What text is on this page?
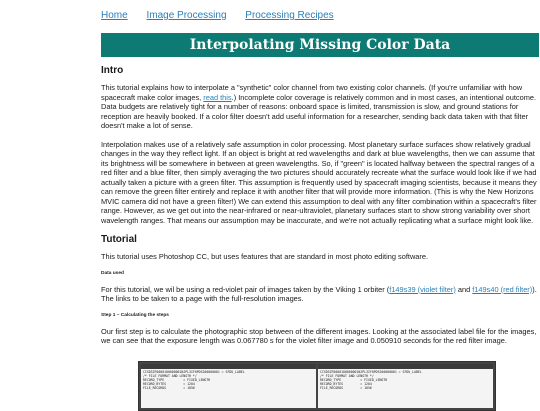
Home Image Processing Processing Recipes
Interpolating Missing Color Data
Intro

This tutorial explains how to interpolate a "synthetic" color channel from two existing color channels. (If you're unfamiliar with how spacecraft make color images, read this.) Incomplete color coverage is relatively common and in most cases, an intentional outcome. Data budgets are relatively tight for a number of reasons: onboard space is limited, transmission is slow, and ground stations for reception are heavily booked. If a color filter doesn't add useful information for a researcher, sending back data taken with that filter doesn't make a lot of sense.

Interpolation makes use of a relatively safe assumption in color processing. Most planetary surface surfaces show relatively gradual changes in the way they reflect light. If an object is bright at red wavelengths and dark at blue wavelengths, then we can assume that its brightness will be somewhere in between at green wavelengths. So, if "green" is located halfway between the spectral ranges of a red filter and a blue filter, then simply averaging the two pictures should accurately recreate what the surface would look like if we had actually taken a picture with a green filter. This assumption is frequently used by spacecraft imaging scientists, because it means they can remove the green filter entirely and replace it with another filter that will provide more information. (This is why the New Horizons MVIC camera did not have a green filter!) We can extend this assumption to deal with any filter combination within a spacecraft's filter range. However, as we get out into the near-infrared or near-ultraviolet, planetary surfaces start to show strong variability over short wavelength ranges. That means our assumption may be inaccurate, and we're not actually replicating what a surface might look like.

Tutorial

This tutorial uses Photoshop CC, but uses features that are standard in most photo editing software.

Data used

For this tutorial, we wil be using a red-violet pair of images taken by the Viking 1 orbiter (f149s39 (violet filter) and f149s40 (red filter)). The links to be taken to a page with the full-resolution images.

Step 1 – Calculating the steps

Our first step is to calculate the photographic stop between of the different images. Looking at the associated label file for the images, we can see that the exposure length was 0.067780 s for the violet filter image and 0.050910 seconds for the red filter image.

CCSD3ZF0000100000001NJPL3IF0PDS200000001 = SFDU_LABEL
/* FILE FORMAT AND LENGTH */
RECORD_TYPE          = FIXED_LENGTH
RECORD_BYTES         = 1204
FILE_RECORDS         = 1056
CCSD3ZF0000100000001NJPL3IF0PDS200000001 = SFDU_LABEL
/* FILE FORMAT AND LENGTH */
RECORD_TYPE          = FIXED_LENGTH
RECORD_BYTES         = 1204
FILE_RECORDS         = 1056
